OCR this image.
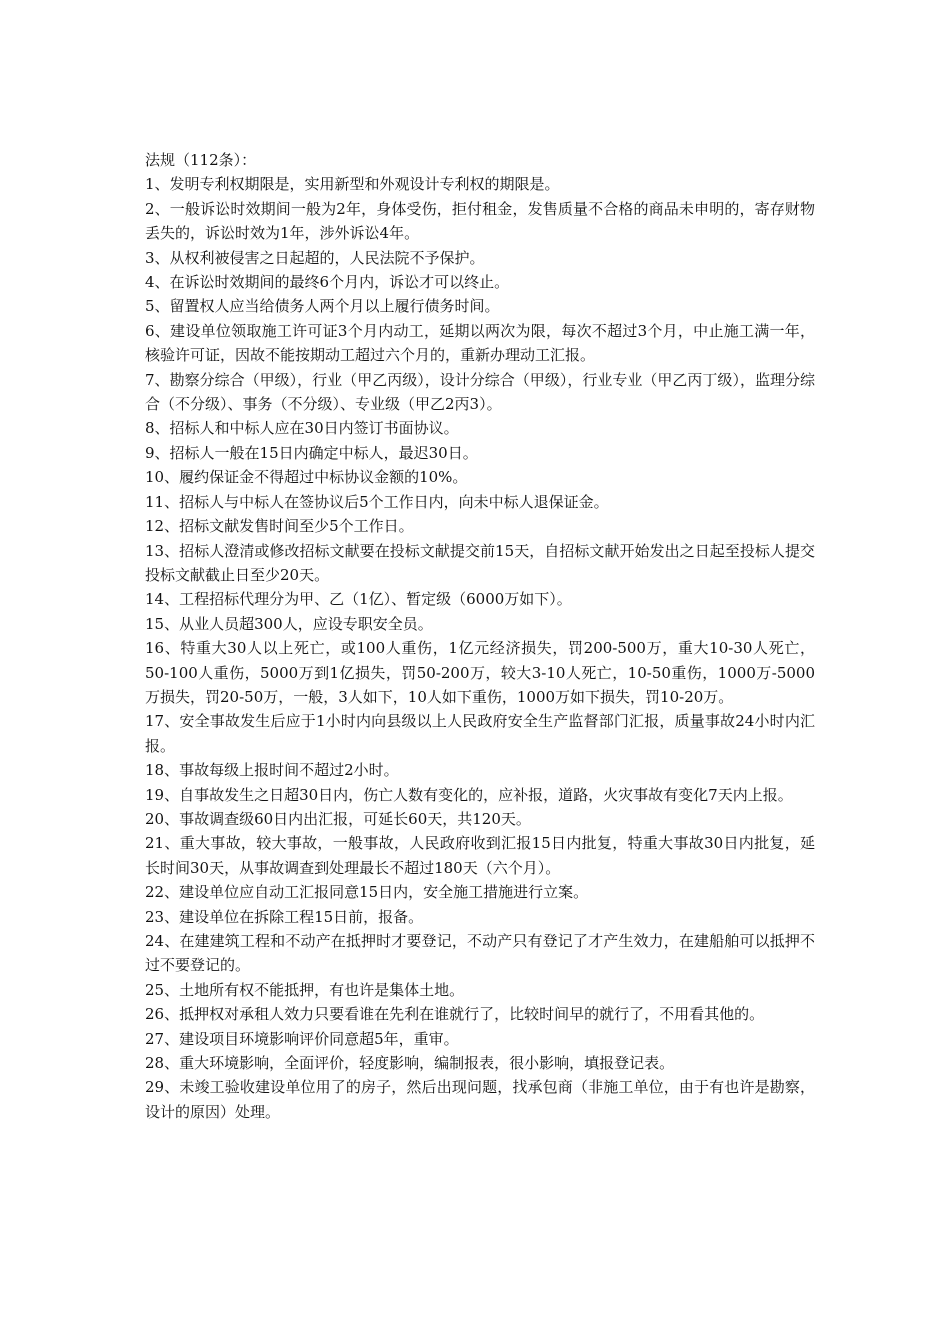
法规（112条）：

1、发明专利权期限是，实用新型和外观设计专利权的期限是。

2、一般诉讼时效期间一般为2年，身体受伤，拒付租金，发售质量不合格的商品未申明的，寄存财物丢失的，诉讼时效为1年，涉外诉讼4年。

3、从权利被侵害之日起超的，人民法院不予保护。

4、在诉讼时效期间的最终6个月内，诉讼才可以终止。

5、留置权人应当给债务人两个月以上履行债务时间。

6、建设单位领取施工许可证3个月内动工，延期以两次为限，每次不超过3个月，中止施工满一年，核验许可证，因故不能按期动工超过六个月的，重新办理动工汇报。

7、勘察分综合（甲级），行业（甲乙丙级），设计分综合（甲级），行业专业（甲乙丙丁级），监理分综合（不分级）、事务（不分级）、专业级（甲乙2丙3）。

8、招标人和中标人应在30日内签订书面协议。

9、招标人一般在15日内确定中标人，最迟30日。

10、履约保证金不得超过中标协议金额的10%。

11、招标人与中标人在签协议后5个工作日内，向未中标人退保证金。

12、招标文献发售时间至少5个工作日。

13、招标人澄清或修改招标文献要在投标文献提交前15天，自招标文献开始发出之日起至投标人提交投标文献截止日至少20天。

14、工程招标代理分为甲、乙（1亿）、暂定级（6000万如下）。

15、从业人员超300人，应设专职安全员。

16、特重大30人以上死亡，或100人重伤，1亿元经济损失，罚200-500万，重大10-30人死亡，50-100人重伤，5000万到1亿损失，罚50-200万，较大3-10人死亡，10-50重伤，1000万-5000万损失，罚20-50万，一般，3人如下，10人如下重伤，1000万如下损失，罚10-20万。

17、安全事故发生后应于1小时内向县级以上人民政府安全生产监督部门汇报，质量事故24小时内汇报。

18、事故每级上报时间不超过2小时。

19、自事故发生之日超30日内，伤亡人数有变化的，应补报，道路，火灾事故有变化7天内上报。

20、事故调查级60日内出汇报，可延长60天，共120天。

21、重大事故，较大事故，一般事故，人民政府收到汇报15日内批复，特重大事故30日内批复，延长时间30天，从事故调查到处理最长不超过180天（六个月）。

22、建设单位应自动工汇报同意15日内，安全施工措施进行立案。

23、建设单位在拆除工程15日前，报备。

24、在建建筑工程和不动产在抵押时才要登记，不动产只有登记了才产生效力，在建船舶可以抵押不过不要登记的。

25、土地所有权不能抵押，有也许是集体土地。

26、抵押权对承租人效力只要看谁在先利在谁就行了，比较时间早的就行了，不用看其他的。

27、建设项目环境影响评价同意超5年，重审。

28、重大环境影响，全面评价，轻度影响，编制报表，很小影响，填报登记表。

29、未竣工验收建设单位用了的房子，然后出现问题，找承包商（非施工单位，由于有也许是勘察，设计的原因）处理。
